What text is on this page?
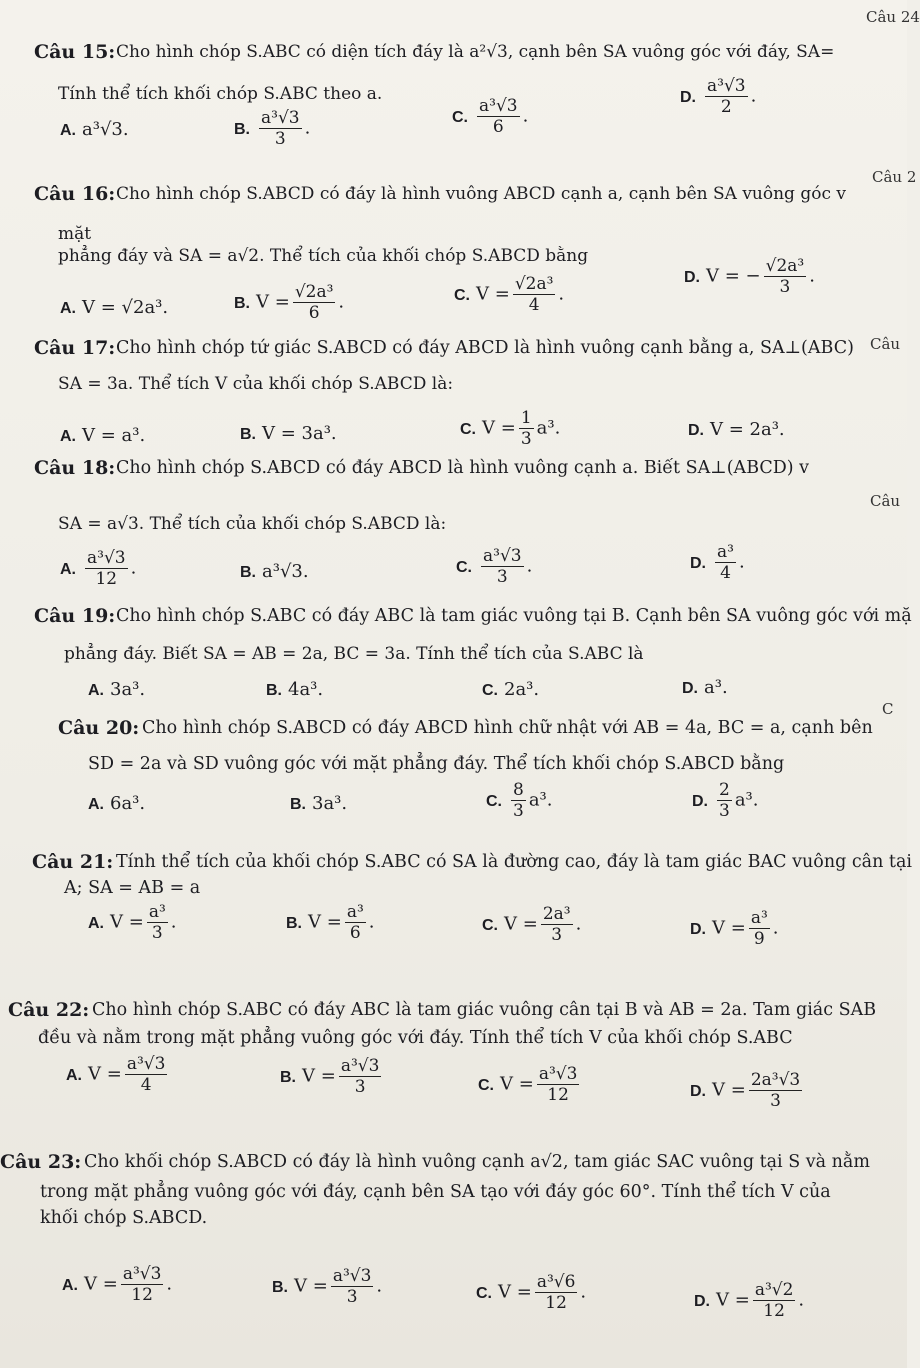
Câu 24
Câu 2
Câu
Câu
C
Câu 15: Cho hình chóp S.ABC có diện tích đáy là a²√3, cạnh bên SA vuông góc với đáy, SA=
Tính thể tích khối chóp S.ABC theo a.
A. a³√3.	B. $\frac{\text{a³√3}}{3}$ .
C. $\frac{\text{a³√3}}{6}$ .
D. $\frac{\text{a³√3}}{2}$ .
Câu 16: Cho hình chóp S.ABCD có đáy là hình vuông ABCD cạnh a, cạnh bên SA vuông góc v
mặt
phẳng đáy và SA = a√2. Thể tích của khối chóp S.ABCD bằng
A. V = √2a³.	B. $V = \frac{\text{√2a³}}{6}$ .	C. $V = \frac{\text{√2a³}}{4}$ .
D. V = − $\frac{\text{√2a³}}{3}$ .
Câu 17: Cho hình chóp tứ giác S.ABCD có đáy ABCD là hình vuông cạnh bằng a, SA⊥(ABC)
SA = 3a. Thể tích V của khối chóp S.ABCD là:
A. V = a³.	B. V = 3a³.	C. $V = \frac{1}{3} a^3$.	D. V = 2a³.
Câu 18: Cho hình chóp S.ABCD có đáy ABCD là hình vuông cạnh a. Biết SA⊥(ABCD) v
SA = a√3. Thể tích của khối chóp S.ABCD là:
A. $\frac{\text{a³√3}}{12}$ .	B. a³√3.	C. $\frac{\text{a³√3}}{3}$ .	D. $\frac{\text{a³}}{4}$ .
Câu 19: Cho hình chóp S.ABC có đáy ABC là tam giác vuông tại B. Cạnh bên SA vuông góc với mặ
phẳng đáy. Biết SA = AB = 2a, BC = 3a. Tính thể tích của S.ABC là
A. 3a³.	B. 4a³.	C. 2a³.	D. a³.
Câu 20: Cho hình chóp S.ABCD có đáy ABCD hình chữ nhật với AB = 4a, BC = a, cạnh bên
SD = 2a và SD vuông góc với mặt phẳng đáy. Thể tích khối chóp S.ABCD bằng
A. 6a³.	B. 3a³.	C. $\frac{8}{3} a^3$.	D. $\frac{2}{3} a^3$.
Câu 21: Tính thể tích của khối chóp S.ABC có SA là đường cao, đáy là tam giác BAC vuông cân tại
A; SA = AB = a
A. $V = \frac{\text{a³}}{3}$ .	B. $V = \frac{\text{a³}}{6}$ .	C. $V = \frac{\text{2a³}}{3}$ .	D. $V = \frac{\text{a³}}{9}$ .
Câu 22: Cho hình chóp S.ABC có đáy ABC là tam giác vuông cân tại B và AB = 2a. Tam giác SAB
đều và nằm trong mặt phẳng vuông góc với đáy. Tính thể tích V của khối chóp S.ABC
A. $V = \frac{\text{a³√3}}{4}$	B. $V = \frac{\text{a³√3}}{3}$	C. $V = \frac{\text{a³√3}}{12}$	D. $V = \frac{\text{2a³√3}}{3}$
Câu 23: Cho khối chóp S.ABCD có đáy là hình vuông cạnh a√2, tam giác SAC vuông tại S và nằm
trong mặt phẳng vuông góc với đáy, cạnh bên SA tạo với đáy góc 60°. Tính thể tích V của
khối chóp S.ABCD.
A. $V = \frac{\text{a³√3}}{12}$ .	B. $V = \frac{\text{a³√3}}{3}$ .	C. $V = \frac{\text{a³√6}}{12}$ .	D. $V = \frac{\text{a³√2}}{12}$ .
